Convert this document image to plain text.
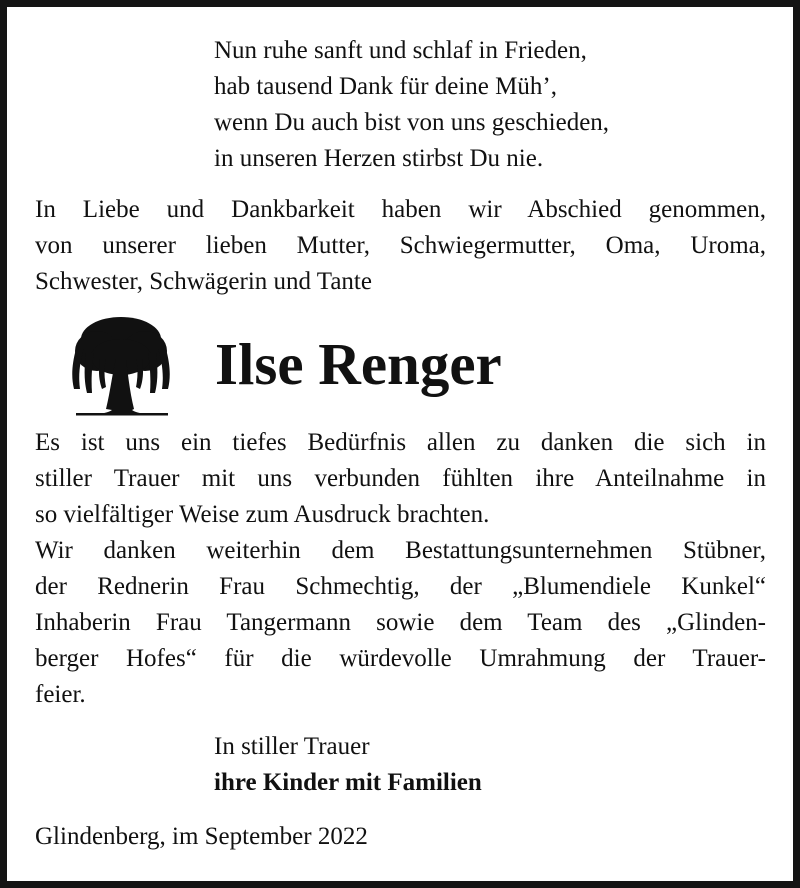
Nun ruhe sanft und schlaf in Frieden,
hab tausend Dank für deine Müh’,
wenn Du auch bist von uns geschieden,
in unseren Herzen stirbst Du nie.
In Liebe und Dankbarkeit haben wir Abschied genommen,
von unserer lieben Mutter, Schwiegermutter, Oma, Uroma,
Schwester, Schwägerin und Tante
Ilse Renger
Es ist uns ein tiefes Bedürfnis allen zu danken die sich in
stiller Trauer mit uns verbunden fühlten ihre Anteilnahme in
so vielfältiger Weise zum Ausdruck brachten.
Wir danken weiterhin dem Bestattungsunternehmen Stübner,
der Rednerin Frau Schmechtig, der „Blumendiele Kunkel“
Inhaberin Frau Tangermann sowie dem Team des „Glinden-
berger Hofes“ für die würdevolle Umrahmung der Trauer-
feier.
In stiller Trauer
ihre Kinder mit Familien
Glindenberg, im September 2022
